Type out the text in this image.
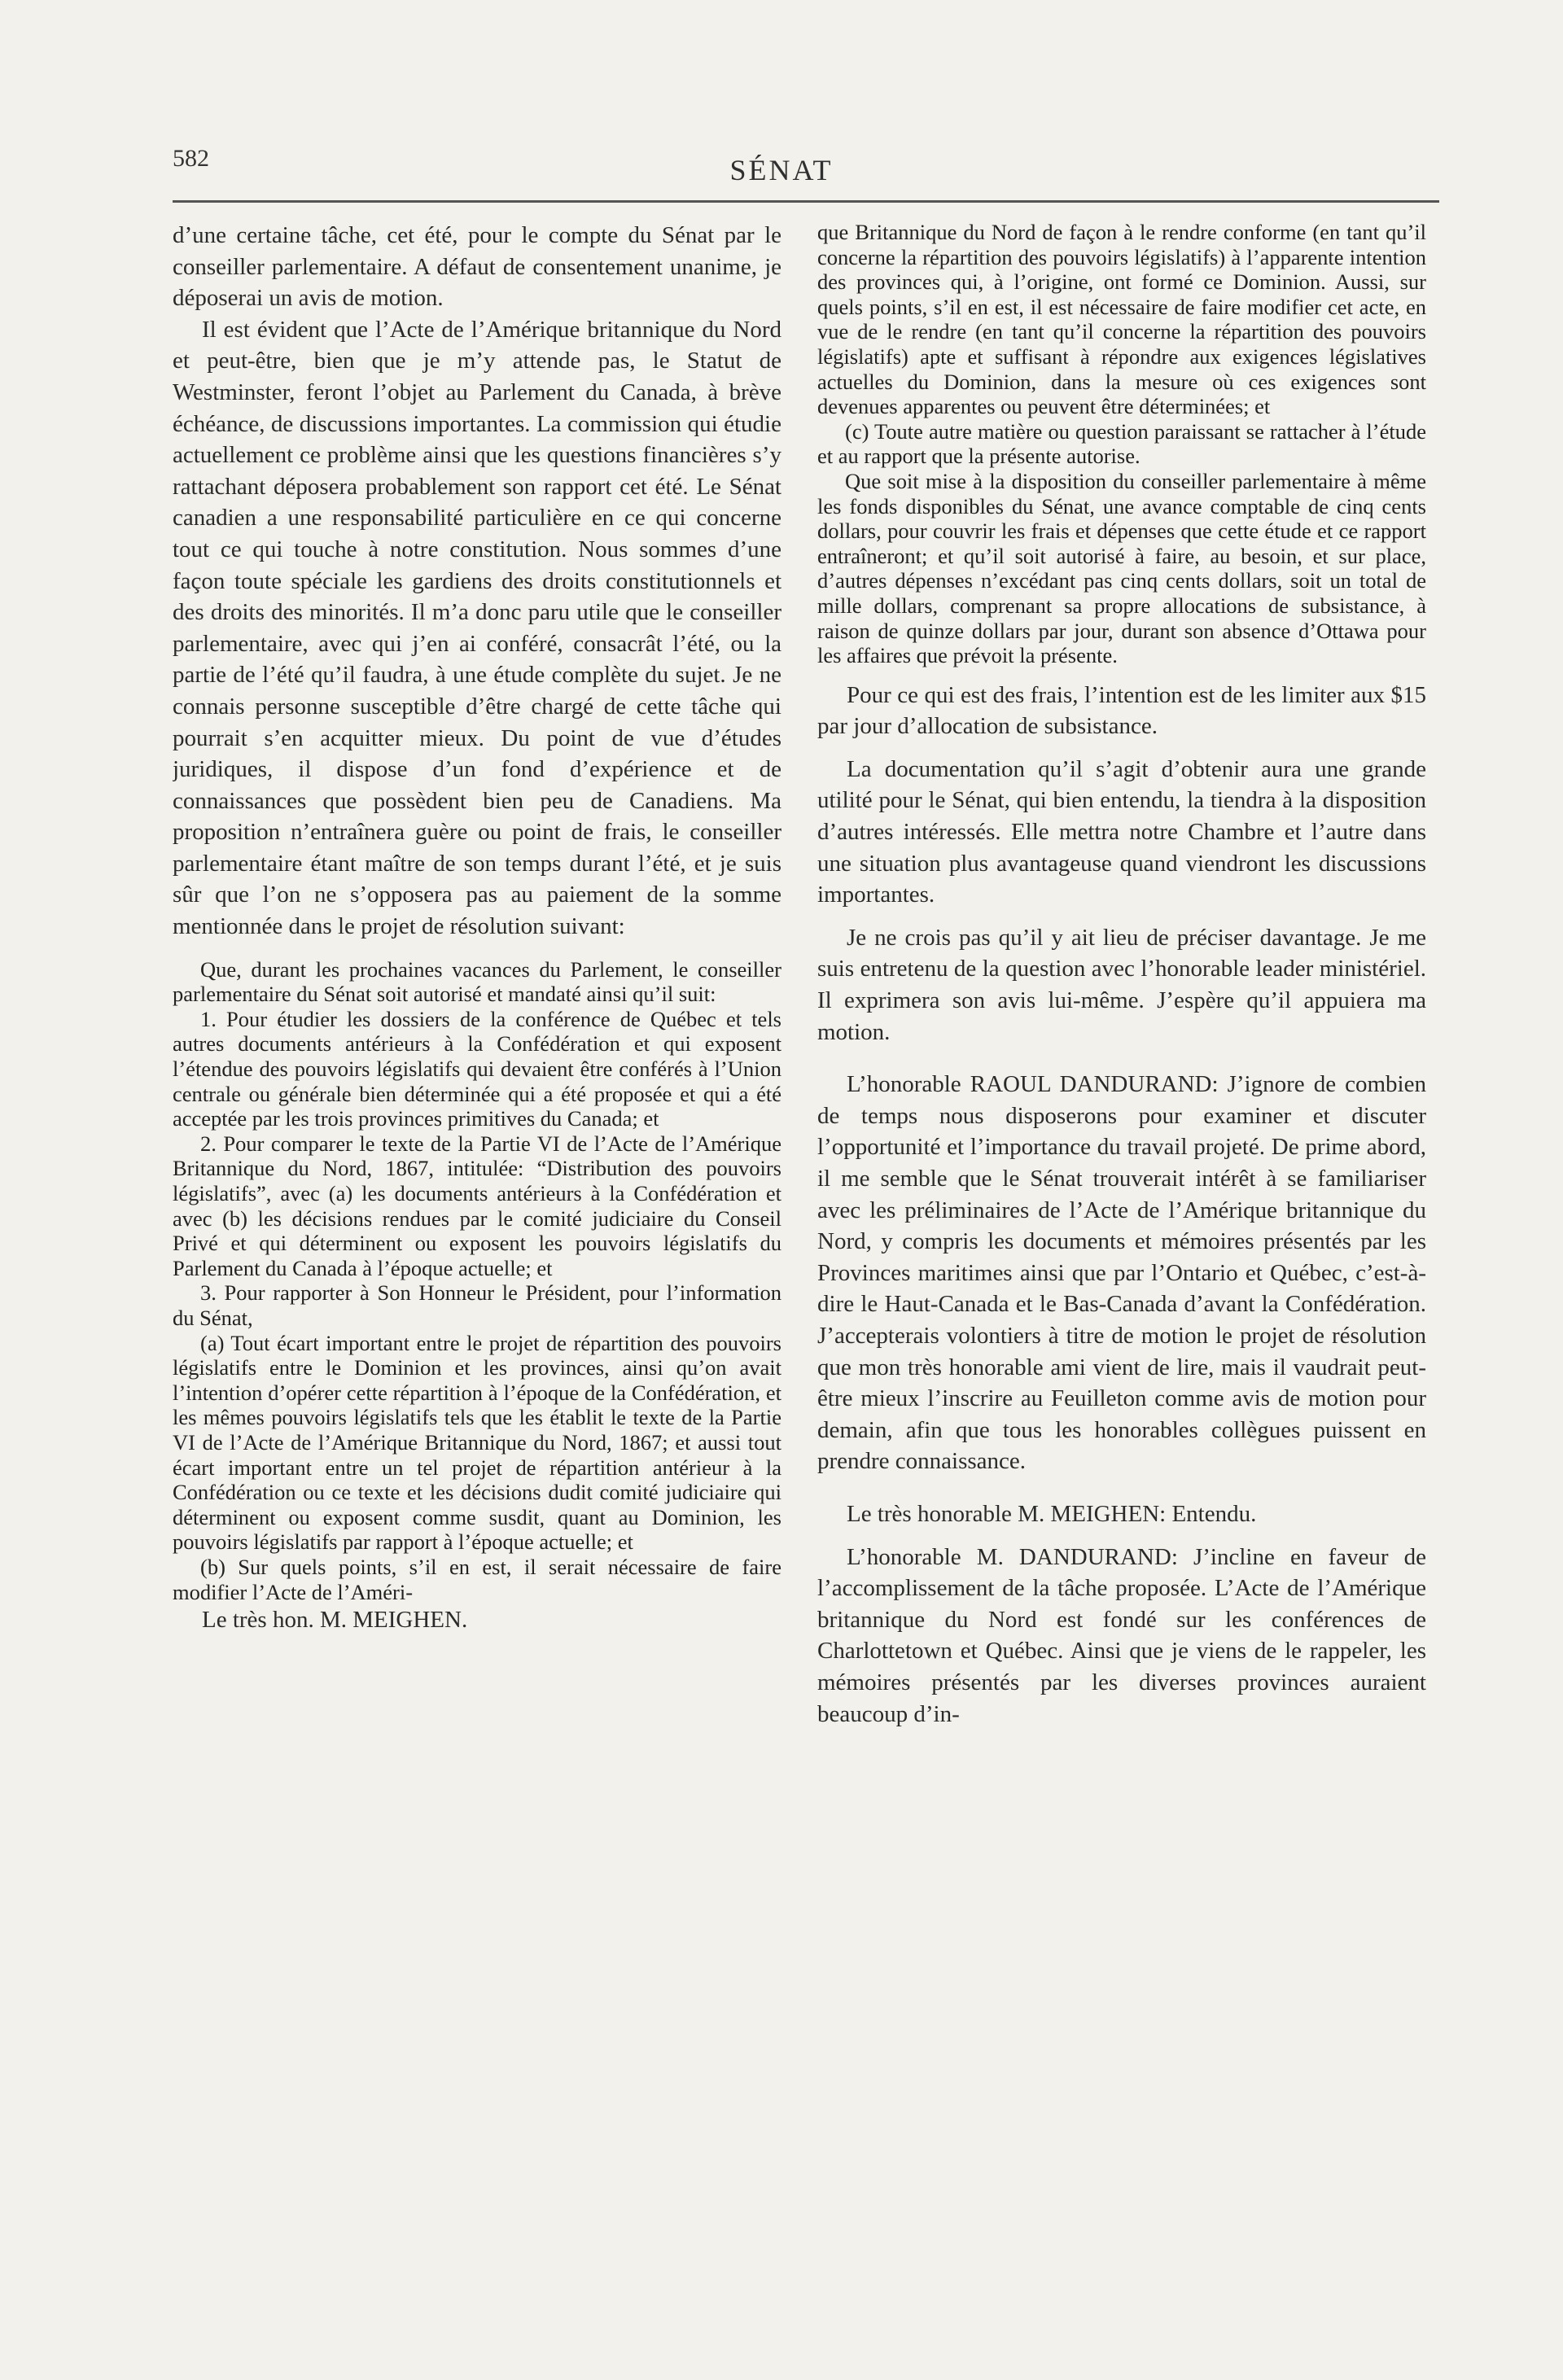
582	SÉNAT

d’une certaine tâche, cet été, pour le compte du Sénat par le conseiller parlementaire. A défaut de consentement unanime, je déposerai un avis de motion.

Il est évident que l’Acte de l’Amérique britannique du Nord et peut-être, bien que je m’y attende pas, le Statut de Westminster, feront l’objet au Parlement du Canada, à brève échéance, de discussions importantes. La commission qui étudie actuellement ce problème ainsi que les questions financières s’y rattachant déposera probablement son rapport cet été. Le Sénat canadien a une responsabilité particulière en ce qui concerne tout ce qui touche à notre constitution. Nous sommes d’une façon toute spéciale les gardiens des droits constitutionnels et des droits des minorités. Il m’a donc paru utile que le conseiller parlementaire, avec qui j’en ai conféré, consacrât l’été, ou la partie de l’été qu’il faudra, à une étude complète du sujet. Je ne connais personne susceptible d’être chargé de cette tâche qui pourrait s’en acquitter mieux. Du point de vue d’études juridiques, il dispose d’un fond d’expérience et de connaissances que possèdent bien peu de Canadiens. Ma proposition n’entraînera guère ou point de frais, le conseiller parlementaire étant maître de son temps durant l’été, et je suis sûr que l’on ne s’opposera pas au paiement de la somme mentionnée dans le projet de résolution suivant:

Que, durant les prochaines vacances du Parlement, le conseiller parlementaire du Sénat soit autorisé et mandaté ainsi qu’il suit:

1. Pour étudier les dossiers de la conférence de Québec et tels autres documents antérieurs à la Confédération et qui exposent l’étendue des pouvoirs législatifs qui devaient être conférés à l’Union centrale ou générale bien déterminée qui a été proposée et qui a été acceptée par les trois provinces primitives du Canada; et

2. Pour comparer le texte de la Partie VI de l’Acte de l’Amérique Britannique du Nord, 1867, intitulée: “Distribution des pouvoirs législatifs”, avec (a) les documents antérieurs à la Confédération et avec (b) les décisions rendues par le comité judiciaire du Conseil Privé et qui déterminent ou exposent les pouvoirs législatifs du Parlement du Canada à l’époque actuelle; et

3. Pour rapporter à Son Honneur le Président, pour l’information du Sénat,

(a) Tout écart important entre le projet de répartition des pouvoirs législatifs entre le Dominion et les provinces, ainsi qu’on avait l’intention d’opérer cette répartition à l’époque de la Confédération, et les mêmes pouvoirs législatifs tels que les établit le texte de la Partie VI de l’Acte de l’Amérique Britannique du Nord, 1867; et aussi tout écart important entre un tel projet de répartition antérieur à la Confédération ou ce texte et les décisions dudit comité judiciaire qui déterminent ou exposent comme susdit, quant au Dominion, les pouvoirs législatifs par rapport à l’époque actuelle; et

(b) Sur quels points, s’il en est, il serait nécessaire de faire modifier l’Acte de l’Améri-

Le très hon. M. MEIGHEN.

que Britannique du Nord de façon à le rendre conforme (en tant qu’il concerne la répartition des pouvoirs législatifs) à l’apparente intention des provinces qui, à l’origine, ont formé ce Dominion. Aussi, sur quels points, s’il en est, il est nécessaire de faire modifier cet acte, en vue de le rendre (en tant qu’il concerne la répartition des pouvoirs législatifs) apte et suffisant à répondre aux exigences législatives actuelles du Dominion, dans la mesure où ces exigences sont devenues apparentes ou peuvent être déterminées; et

(c) Toute autre matière ou question paraissant se rattacher à l’étude et au rapport que la présente autorise.

Que soit mise à la disposition du conseiller parlementaire à même les fonds disponibles du Sénat, une avance comptable de cinq cents dollars, pour couvrir les frais et dépenses que cette étude et ce rapport entraîneront; et qu’il soit autorisé à faire, au besoin, et sur place, d’autres dépenses n’excédant pas cinq cents dollars, soit un total de mille dollars, comprenant sa propre allocations de subsistance, à raison de quinze dollars par jour, durant son absence d’Ottawa pour les affaires que prévoit la présente.

Pour ce qui est des frais, l’intention est de les limiter aux $15 par jour d’allocation de subsistance.

La documentation qu’il s’agit d’obtenir aura une grande utilité pour le Sénat, qui bien entendu, la tiendra à la disposition d’autres intéressés. Elle mettra notre Chambre et l’autre dans une situation plus avantageuse quand viendront les discussions importantes.

Je ne crois pas qu’il y ait lieu de préciser davantage. Je me suis entretenu de la question avec l’honorable leader ministériel. Il exprimera son avis lui-même. J’espère qu’il appuiera ma motion.

L’honorable RAOUL DANDURAND: J’ignore de combien de temps nous disposerons pour examiner et discuter l’opportunité et l’importance du travail projeté. De prime abord, il me semble que le Sénat trouverait intérêt à se familiariser avec les préliminaires de l’Acte de l’Amérique britannique du Nord, y compris les documents et mémoires présentés par les Provinces maritimes ainsi que par l’Ontario et Québec, c’est-à-dire le Haut-Canada et le Bas-Canada d’avant la Confédération. J’accepterais volontiers à titre de motion le projet de résolution que mon très honorable ami vient de lire, mais il vaudrait peut-être mieux l’inscrire au Feuilleton comme avis de motion pour demain, afin que tous les honorables collègues puissent en prendre connaissance.

Le très honorable M. MEIGHEN: Entendu.

L’honorable M. DANDURAND: J’incline en faveur de l’accomplissement de la tâche proposée. L’Acte de l’Amérique britannique du Nord est fondé sur les conférences de Charlottetown et Québec. Ainsi que je viens de le rappeler, les mémoires présentés par les diverses provinces auraient beaucoup d’in-
